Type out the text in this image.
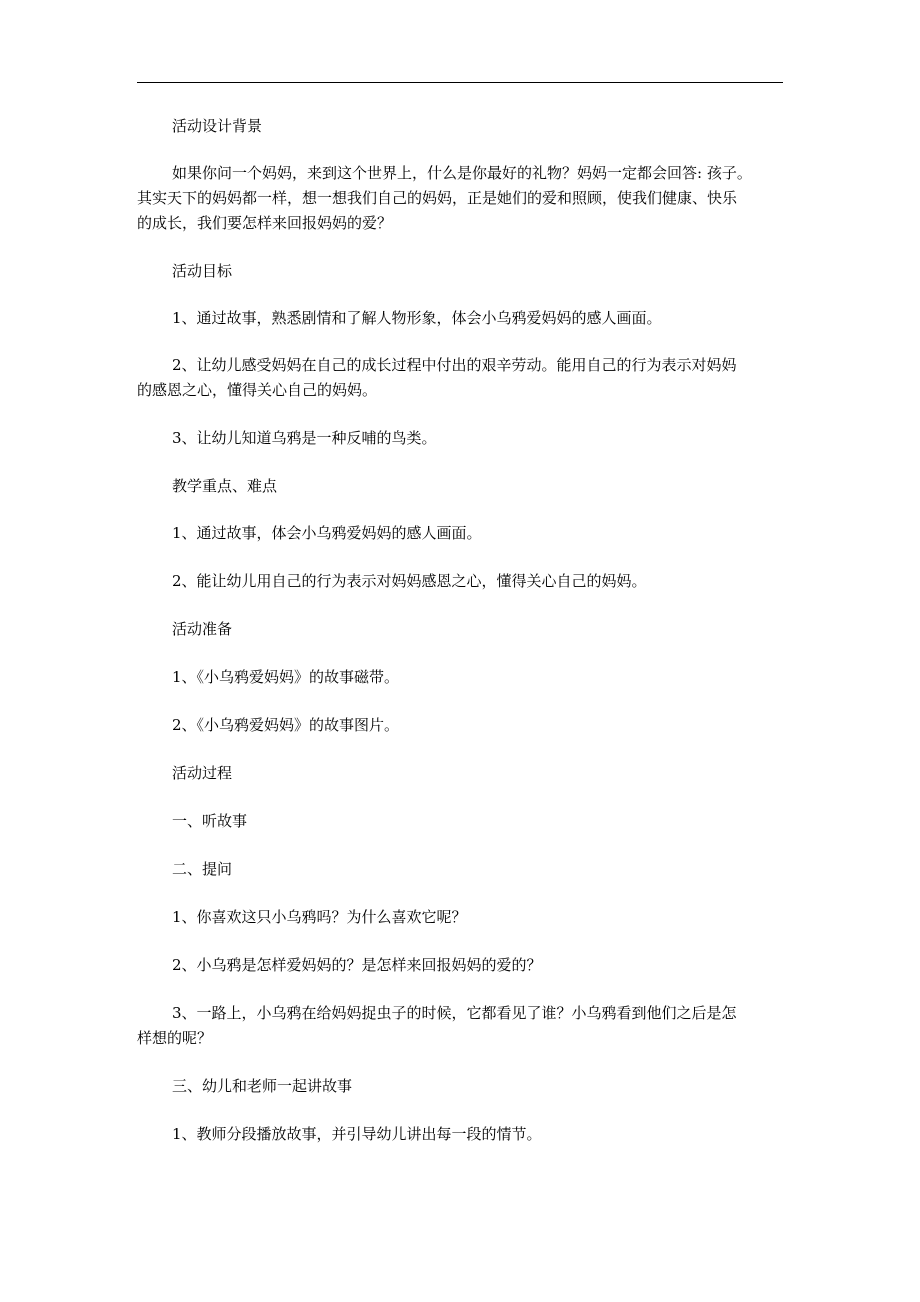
活动设计背景
如果你问一个妈妈，来到这个世界上，什么是你最好的礼物？妈妈一定都会回答: 孩子。
其实天下的妈妈都一样，想一想我们自己的妈妈，正是她们的爱和照顾，使我们健康、快乐
的成长，我们要怎样来回报妈妈的爱？
活动目标
1、通过故事，熟悉剧情和了解人物形象，体会小乌鸦爱妈妈的感人画面。
2、让幼儿感受妈妈在自己的成长过程中付出的艰辛劳动。能用自己的行为表示对妈妈
的感恩之心，懂得关心自己的妈妈。
3、让幼儿知道乌鸦是一种反哺的鸟类。
教学重点、难点
1、通过故事，体会小乌鸦爱妈妈的感人画面。
2、能让幼儿用自己的行为表示对妈妈感恩之心，懂得关心自己的妈妈。
活动准备
1、《小乌鸦爱妈妈》的故事磁带。
2、《小乌鸦爱妈妈》的故事图片。
活动过程
一、听故事
二、提问
1、你喜欢这只小乌鸦吗？为什么喜欢它呢？
2、小乌鸦是怎样爱妈妈的？是怎样来回报妈妈的爱的？
3、一路上，小乌鸦在给妈妈捉虫子的时候，它都看见了谁？小乌鸦看到他们之后是怎
样想的呢？
三、幼儿和老师一起讲故事
1、教师分段播放故事，并引导幼儿讲出每一段的情节。
